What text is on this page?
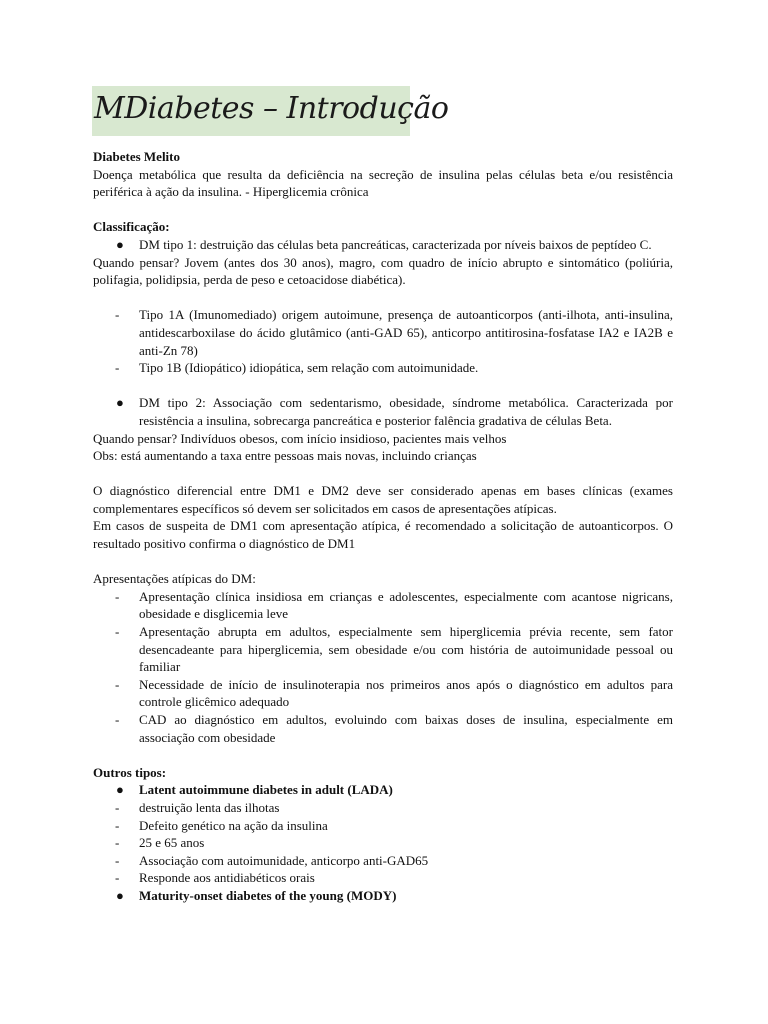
MDiabetes – Introdução

Diabetes Melito

Doença metabólica que resulta da deficiência na secreção de insulina pelas células beta e/ou resistência periférica à ação da insulina. - Hiperglicemia crônica

Classificação:

● DM tipo 1: destruição das células beta pancreáticas, caracterizada por níveis baixos de peptídeo C.

Quando pensar? Jovem (antes dos 30 anos), magro, com quadro de início abrupto e sintomático (poliúria, polifagia, polidipsia, perda de peso e cetoacidose diabética).

- Tipo 1A (Imunomediado) origem autoimune, presença de autoanticorpos (anti-ilhota, anti-insulina, antidescarboxilase do ácido glutâmico (anti-GAD 65), anticorpo antitirosina-fosfatase IA2 e IA2B e anti-Zn 78)
- Tipo 1B (Idiopático) idiopática, sem relação com autoimunidade.
● DM tipo 2: Associação com sedentarismo, obesidade, síndrome metabólica. Caracterizada por resistência a insulina, sobrecarga pancreática e posterior falência gradativa de células Beta.

Quando pensar? Indivíduos obesos, com início insidioso, pacientes mais velhos

Obs: está aumentando a taxa entre pessoas mais novas, incluindo crianças

O diagnóstico diferencial entre DM1 e DM2 deve ser considerado apenas em bases clínicas (exames complementares específicos só devem ser solicitados em casos de apresentações atípicas.

Em casos de suspeita de DM1 com apresentação atípica, é recomendado a solicitação de autoanticorpos. O resultado positivo confirma o diagnóstico de DM1

Apresentações atípicas do DM:

- Apresentação clínica insidiosa em crianças e adolescentes, especialmente com acantose nigricans, obesidade e disglicemia leve
- Apresentação abrupta em adultos, especialmente sem hiperglicemia prévia recente, sem fator desencadeante para hiperglicemia, sem obesidade e/ou com história de autoimunidade pessoal ou familiar
- Necessidade de início de insulinoterapia nos primeiros anos após o diagnóstico em adultos para controle glicêmico adequado
- CAD ao diagnóstico em adultos, evoluindo com baixas doses de insulina, especialmente em associação com obesidade

Outros tipos:

● Latent autoimmune diabetes in adult (LADA)
- destruição lenta das ilhotas
- Defeito genético na ação da insulina
- 25 e 65 anos
- Associação com autoimunidade, anticorpo anti-GAD65
- Responde aos antidiabéticos orais
● Maturity-onset diabetes of the young (MODY)
